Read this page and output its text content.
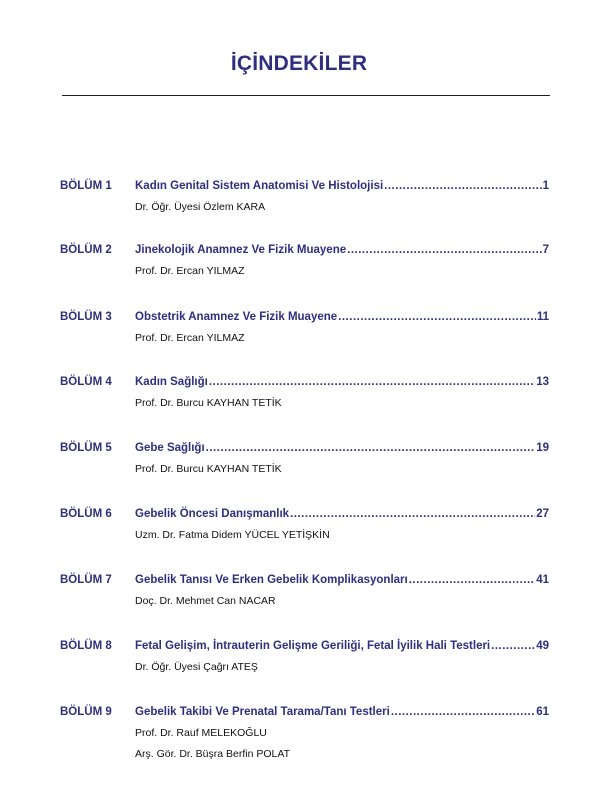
İÇİNDEKİLER
BÖLÜM 1 Kadın Genital Sistem Anatomisi Ve Histolojisi .....	1
Dr. Öğr. Üyesi Özlem KARA
BÖLÜM 2 Jinekolojik Anamnez Ve Fizik Muayene .....	7
Prof. Dr. Ercan YILMAZ
BÖLÜM 3 Obstetrik Anamnez Ve Fizik Muayene .....	11
Prof. Dr. Ercan YILMAZ
BÖLÜM 4 Kadın Sağlığı .....	13
Prof. Dr. Burcu KAYHAN TETİK
BÖLÜM 5 Gebe Sağlığı .....	19
Prof. Dr. Burcu KAYHAN TETİK
BÖLÜM 6 Gebelik Öncesi Danışmanlık .....	27
Uzm. Dr. Fatma Didem YÜCEL YETİŞKİN
BÖLÜM 7 Gebelik Tanısı Ve Erken Gebelik Komplikasyonları .....	41
Doç. Dr. Mehmet Can NACAR
BÖLÜM 8 Fetal Gelişim, İntrauterin Gelişme Geriliği, Fetal İyilik Hali Testleri .....	49
Dr. Öğr. Üyesi Çağrı ATEŞ
BÖLÜM 9 Gebelik Takibi Ve Prenatal Tarama/Tanı Testleri .....	61
Prof. Dr. Rauf MELEKOĞLU
Arş. Gör. Dr. Büşra Berfin POLAT
